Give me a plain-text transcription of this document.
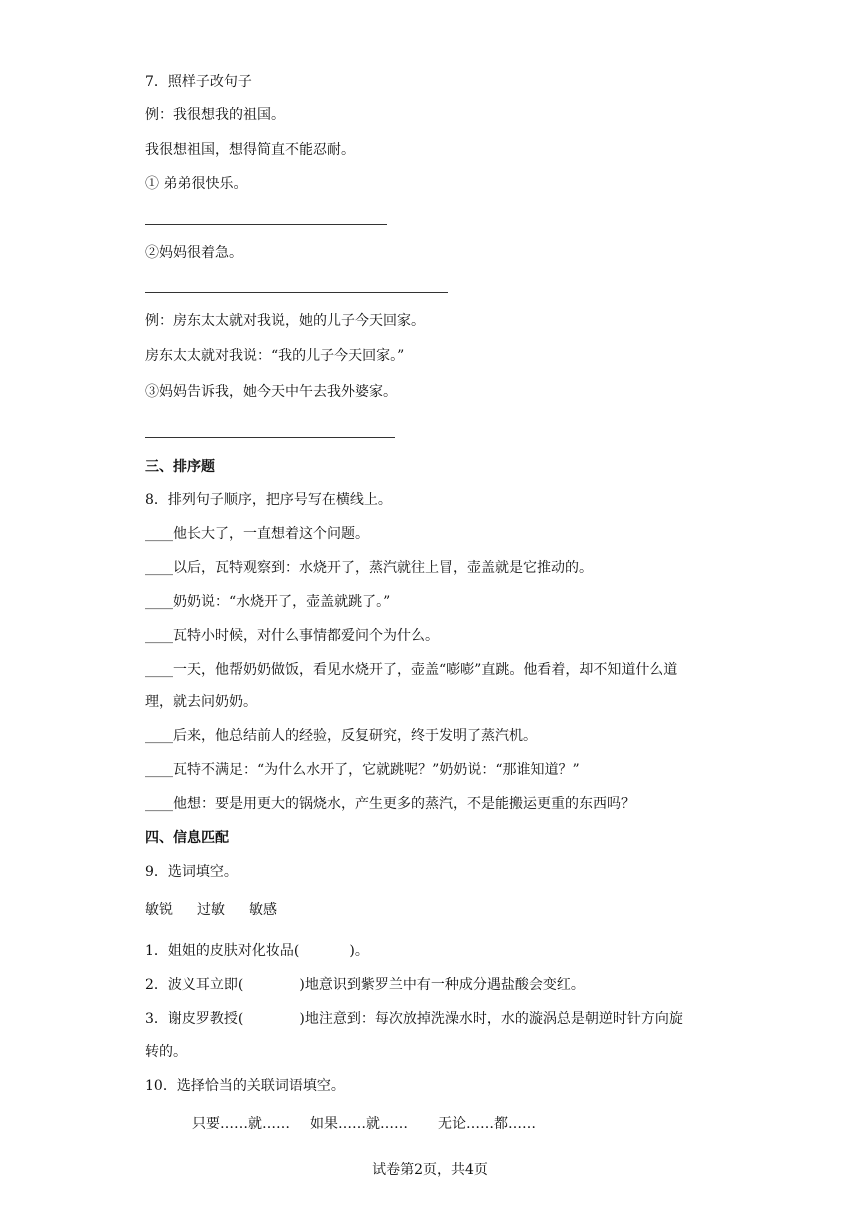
7．照样子改句子
例：我很想我的祖国。
我很想祖国，想得简直不能忍耐。
① 弟弟很快乐。
②妈妈很着急。
例：房东太太就对我说，她的儿子今天回家。
房东太太就对我说：“我的儿子今天回家。”
③妈妈告诉我，她今天中午去我外婆家。
三、排序题
8．排列句子顺序，把序号写在横线上。
____他长大了，一直想着这个问题。
____以后，瓦特观察到：水烧开了，蒸汽就往上冒，壶盖就是它推动的。
____奶奶说：“水烧开了，壶盖就跳了。”
____瓦特小时候，对什么事情都爱问个为什么。
____一天，他帮奶奶做饭，看见水烧开了，壶盖“嘭嘭”直跳。他看着，却不知道什么道
理，就去问奶奶。
____后来，他总结前人的经验，反复研究，终于发明了蒸汽机。
____瓦特不满足：“为什么水开了，它就跳呢？”奶奶说：“那谁知道？”
____他想：要是用更大的锅烧水，产生更多的蒸汽，不是能搬运更重的东西吗？
四、信息匹配
9．选词填空。
敏锐 过敏 敏感
1．姐姐的皮肤对化妆品(	)。
2．波义耳立即(	)地意识到紫罗兰中有一种成分遇盐酸会变红。
3．谢皮罗教授(	)地注意到：每次放掉洗澡水时，水的漩涡总是朝逆时针方向旋
转的。
10．选择恰当的关联词语填空。
只要……就…… 如果……就…… 无论……都……
试卷第2页，共4页
